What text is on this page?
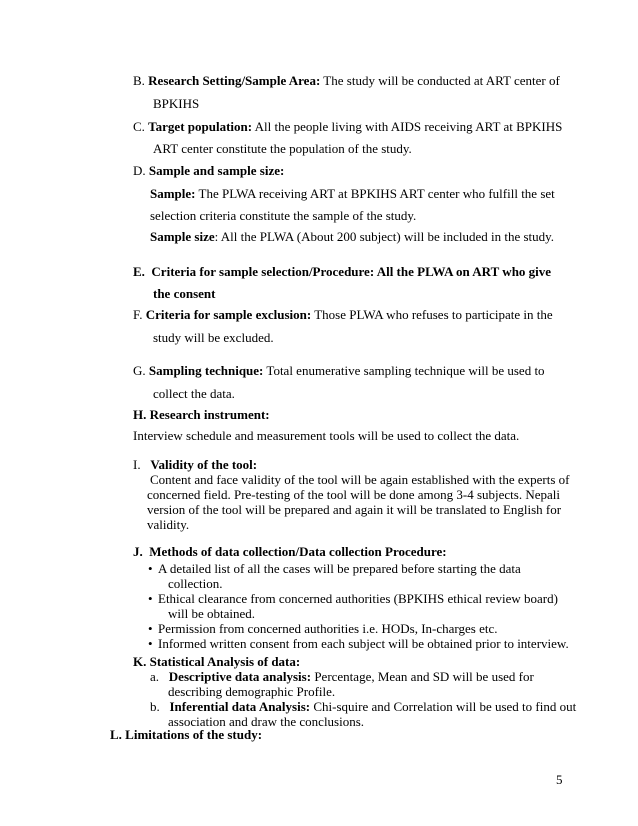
B. Research Setting/Sample Area: The study will be conducted at ART center of
BPKIHS
C. Target population: All the people living with AIDS receiving ART at BPKIHS
ART center constitute the population of the study.
D. Sample and sample size:
Sample: The PLWA receiving ART at BPKIHS ART center who fulfill the set
selection criteria constitute the sample of the study.
Sample size: All the PLWA (About 200 subject) will be included in the study.
E. Criteria for sample selection/Procedure: All the PLWA on ART who give
the consent
F. Criteria for sample exclusion: Those PLWA who refuses to participate in the
study will be excluded.
G. Sampling technique: Total enumerative sampling technique will be used to
collect the data.
H. Research instrument:
Interview schedule and measurement tools will be used to collect the data.
I. Validity of the tool:
Content and face validity of the tool will be again established with the experts of
concerned field. Pre-testing of the tool will be done among 3-4 subjects. Nepali
version of the tool will be prepared and again it will be translated to English for
validity.
J. Methods of data collection/Data collection Procedure:
• A detailed list of all the cases will be prepared before starting the data
collection.
• Ethical clearance from concerned authorities (BPKIHS ethical review board)
will be obtained.
• Permission from concerned authorities i.e. HODs, In-charges etc.
• Informed written consent from each subject will be obtained prior to interview.
K. Statistical Analysis of data:
a. Descriptive data analysis: Percentage, Mean and SD will be used for
describing demographic Profile.
b. Inferential data Analysis: Chi-squire and Correlation will be used to find out
association and draw the conclusions.
L. Limitations of the study:
5
